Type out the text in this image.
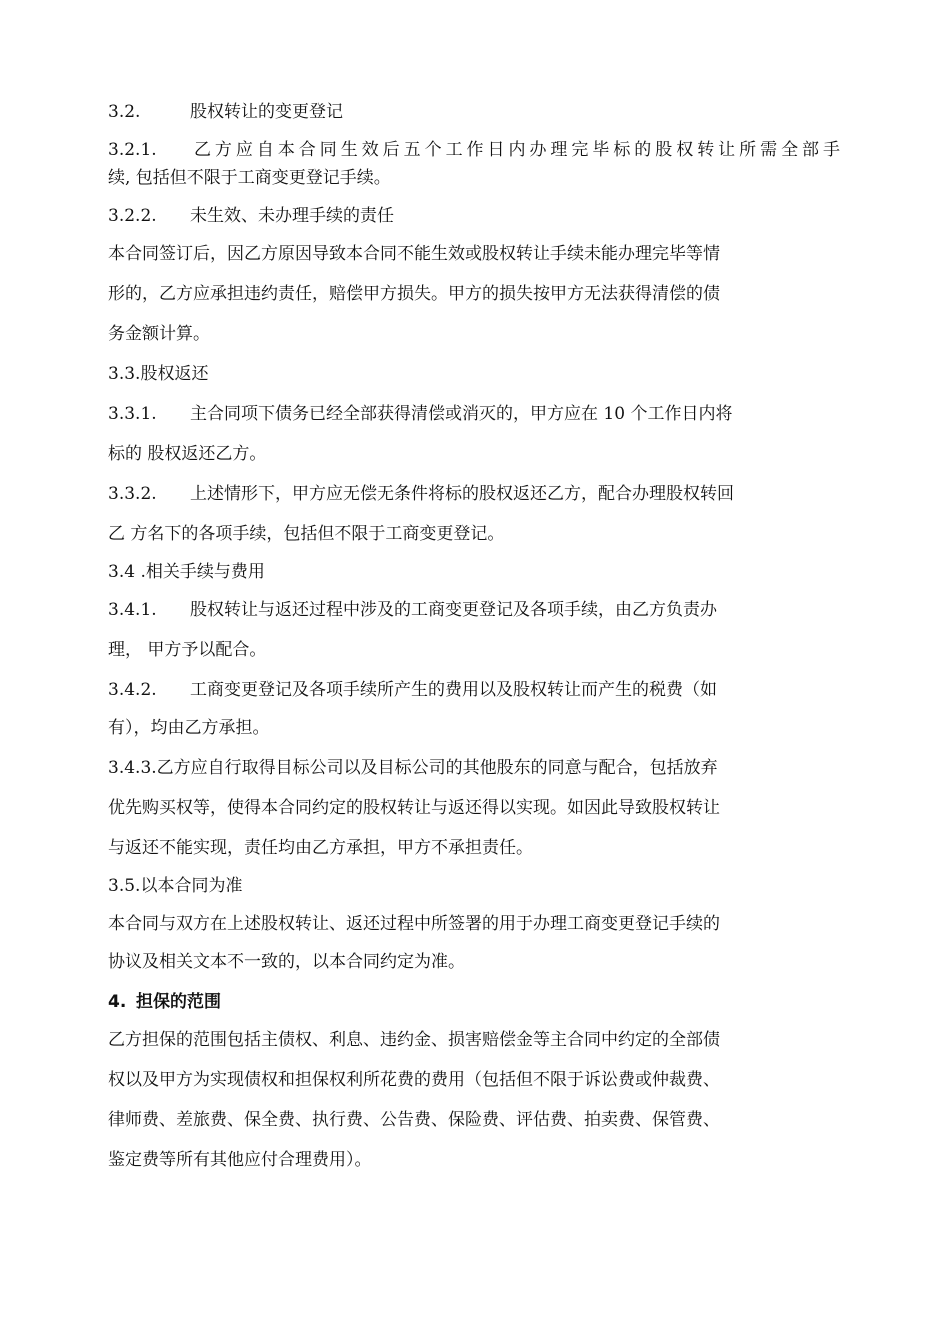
3.2.	股权转让的变更登记

3.2.1. 乙方应自本合同生效后五个工作日内办理完毕标的股权转让所需全部手

续, 包括但不限于工商变更登记手续。

3.2.2. 未生效、未办理手续的责任

本合同签订后，因乙方原因导致本合同不能生效或股权转让手续未能办理完毕等情

形的，乙方应承担违约责任，赔偿甲方损失。甲方的损失按甲方无法获得清偿的债

务金额计算。

3.3.股权返还

3.3.1. 主合同项下债务已经全部获得清偿或消灭的，甲方应在 10 个工作日内将

标的 股权返还乙方。

3.3.2. 上述情形下，甲方应无偿无条件将标的股权返还乙方，配合办理股权转回

乙 方名下的各项手续，包括但不限于工商变更登记。

3.4 .相关手续与费用

3.4.1. 股权转让与返还过程中涉及的工商变更登记及各项手续，由乙方负责办

理， 甲方予以配合。

3.4.2. 工商变更登记及各项手续所产生的费用以及股权转让而产生的税费（如

有），均由乙方承担。

3.4.3.乙方应自行取得目标公司以及目标公司的其他股东的同意与配合，包括放弃

优先购买权等，使得本合同约定的股权转让与返还得以实现。如因此导致股权转让

与返还不能实现，责任均由乙方承担，甲方不承担责任。

3.5.以本合同为准

本合同与双方在上述股权转让、返还过程中所签署的用于办理工商变更登记手续的

协议及相关文本不一致的，以本合同约定为准。

4. 担保的范围

乙方担保的范围包括主债权、利息、违约金、损害赔偿金等主合同中约定的全部债

权以及甲方为实现债权和担保权利所花费的费用（包括但不限于诉讼费或仲裁费、

律师费、差旅费、保全费、执行费、公告费、保险费、评估费、拍卖费、保管费、

鉴定费等所有其他应付合理费用）。
